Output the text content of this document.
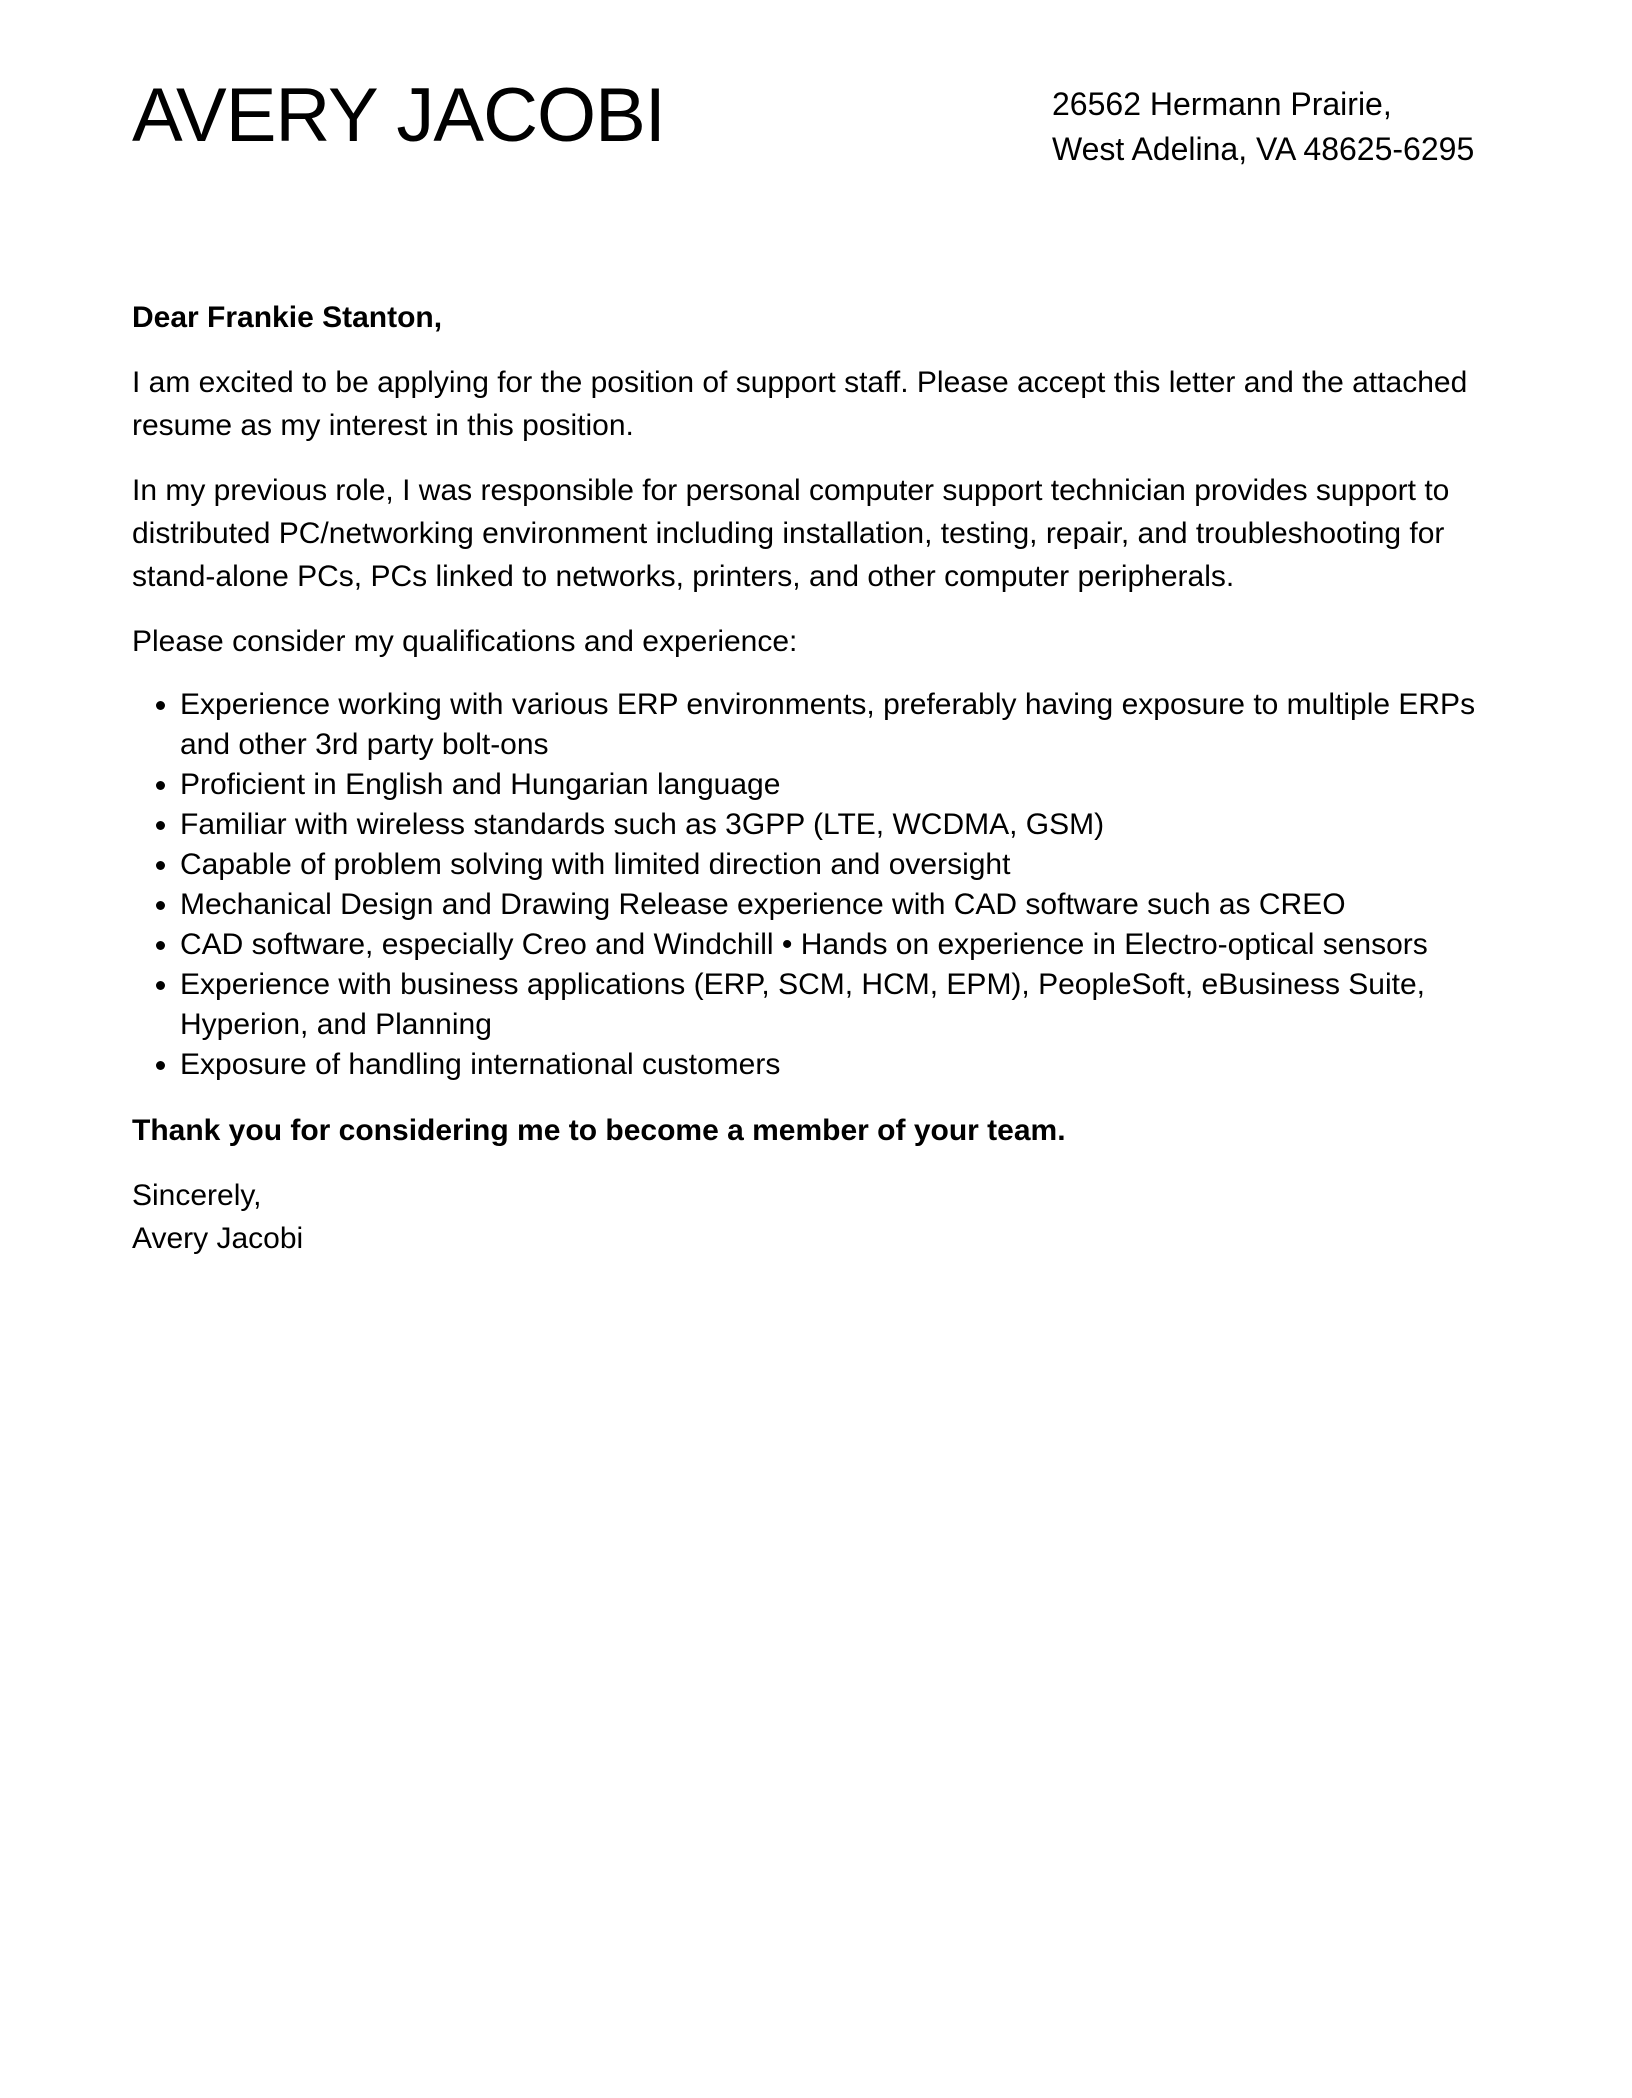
AVERY JACOBI	26562 Hermann Prairie,
West Adelina, VA 48625-6295

Dear Frankie Stanton,

I am excited to be applying for the position of support staff. Please accept this letter and the attached resume as my interest in this position.

In my previous role, I was responsible for personal computer support technician provides support to distributed PC/networking environment including installation, testing, repair, and troubleshooting for stand-alone PCs, PCs linked to networks, printers, and other computer peripherals.

Please consider my qualifications and experience:

• Experience working with various ERP environments, preferably having exposure to multiple ERPs and other 3rd party bolt-ons
• Proficient in English and Hungarian language
• Familiar with wireless standards such as 3GPP (LTE, WCDMA, GSM)
• Capable of problem solving with limited direction and oversight
• Mechanical Design and Drawing Release experience with CAD software such as CREO
• CAD software, especially Creo and Windchill • Hands on experience in Electro-optical sensors
• Experience with business applications (ERP, SCM, HCM, EPM), PeopleSoft, eBusiness Suite, Hyperion, and Planning
• Exposure of handling international customers

Thank you for considering me to become a member of your team.

Sincerely,
Avery Jacobi
